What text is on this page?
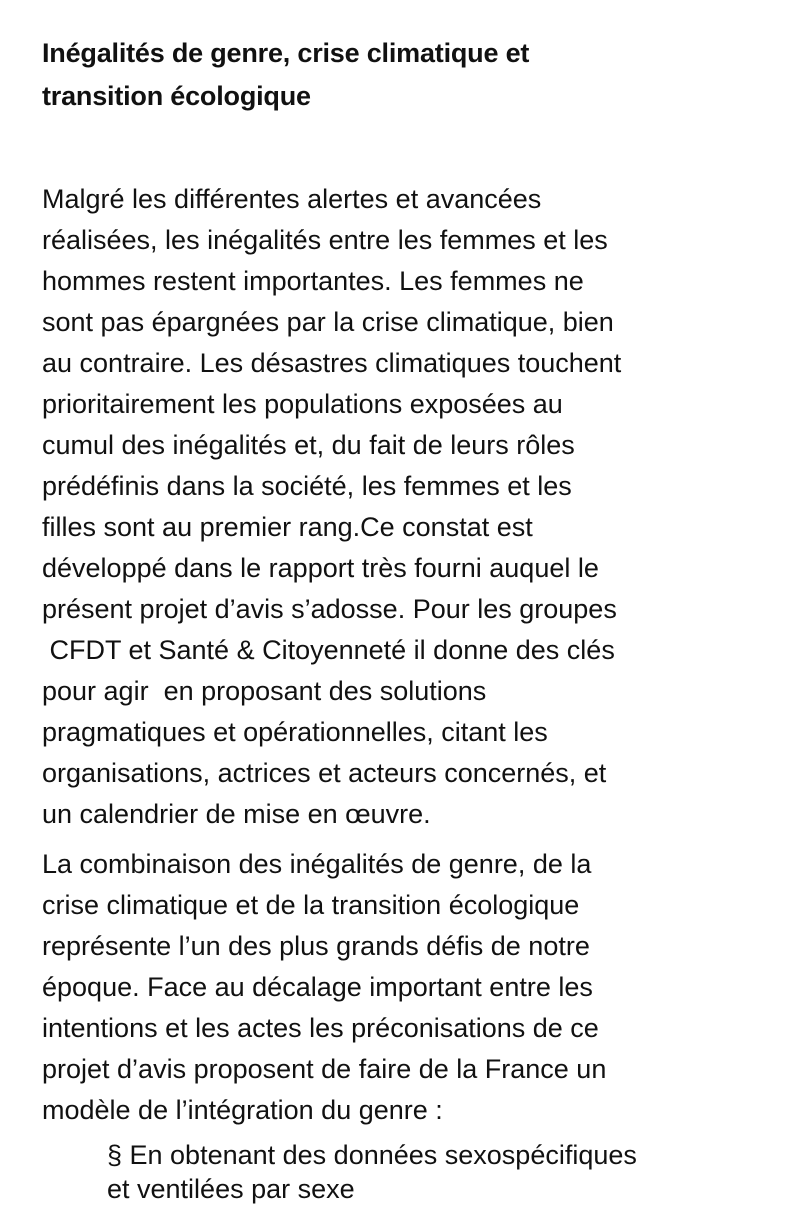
Inégalités de genre, crise climatique et
transition écologique

Malgré les différentes alertes et avancées
réalisées, les inégalités entre les femmes et les
hommes restent importantes. Les femmes ne
sont pas épargnées par la crise climatique, bien
au contraire. Les désastres climatiques touchent
prioritairement les populations exposées au
cumul des inégalités et, du fait de leurs rôles
prédéfinis dans la société, les femmes et les
filles sont au premier rang.Ce constat est
développé dans le rapport très fourni auquel le
présent projet d’avis s’adosse. Pour les groupes
CFDT et Santé & Citoyenneté il donne des clés
pour agir  en proposant des solutions
pragmatiques et opérationnelles, citant les
organisations, actrices et acteurs concernés, et
un calendrier de mise en œuvre.

La combinaison des inégalités de genre, de la
crise climatique et de la transition écologique
représente l’un des plus grands défis de notre
époque. Face au décalage important entre les
intentions et les actes les préconisations de ce
projet d’avis proposent de faire de la France un
modèle de l’intégration du genre :

§ En obtenant des données sexospécifiques
et ventilées par sexe
